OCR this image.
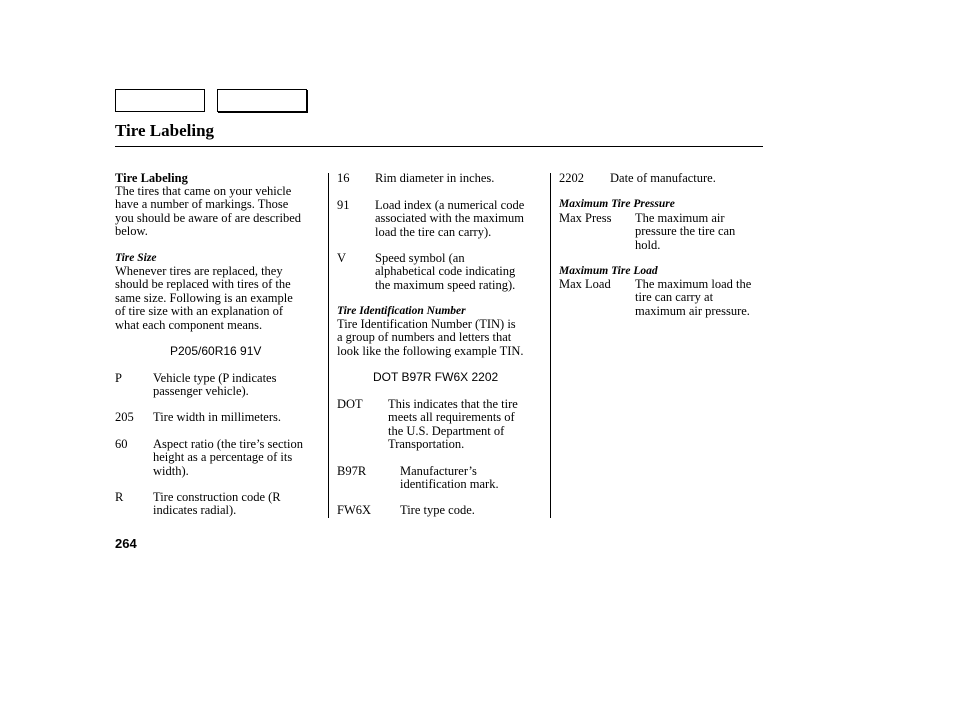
Tire Labeling
Tire Labeling
The tires that came on your vehicle
have a number of markings. Those
you should be aware of are described
below.
Tire Size
Whenever tires are replaced, they
should be replaced with tires of the
same size. Following is an example
of tire size with an explanation of
what each component means.
P205/60R16 91V
P Vehicle type (P indicates
passenger vehicle).
205 Tire width in millimeters.
60 Aspect ratio (the tire’s section
height as a percentage of its
width).
R Tire construction code (R
indicates radial).
16 Rim diameter in inches.
91 Load index (a numerical code
associated with the maximum
load the tire can carry).
V Speed symbol (an
alphabetical code indicating
the maximum speed rating).
Tire Identification Number
Tire Identification Number (TIN) is
a group of numbers and letters that
look like the following example TIN.
DOT B97R FW6X 2202
DOT This indicates that the tire
meets all requirements of
the U.S. Department of
Transportation.
B97R	Manufacturer’s
identification mark.
FW6X Tire type code.
2202 Date of manufacture.
Maximum Tire Pressure
Max Press The maximum air
pressure the tire can
hold.
Maximum Tire Load
Max Load The maximum load the
tire can carry at
maximum air pressure.
264
